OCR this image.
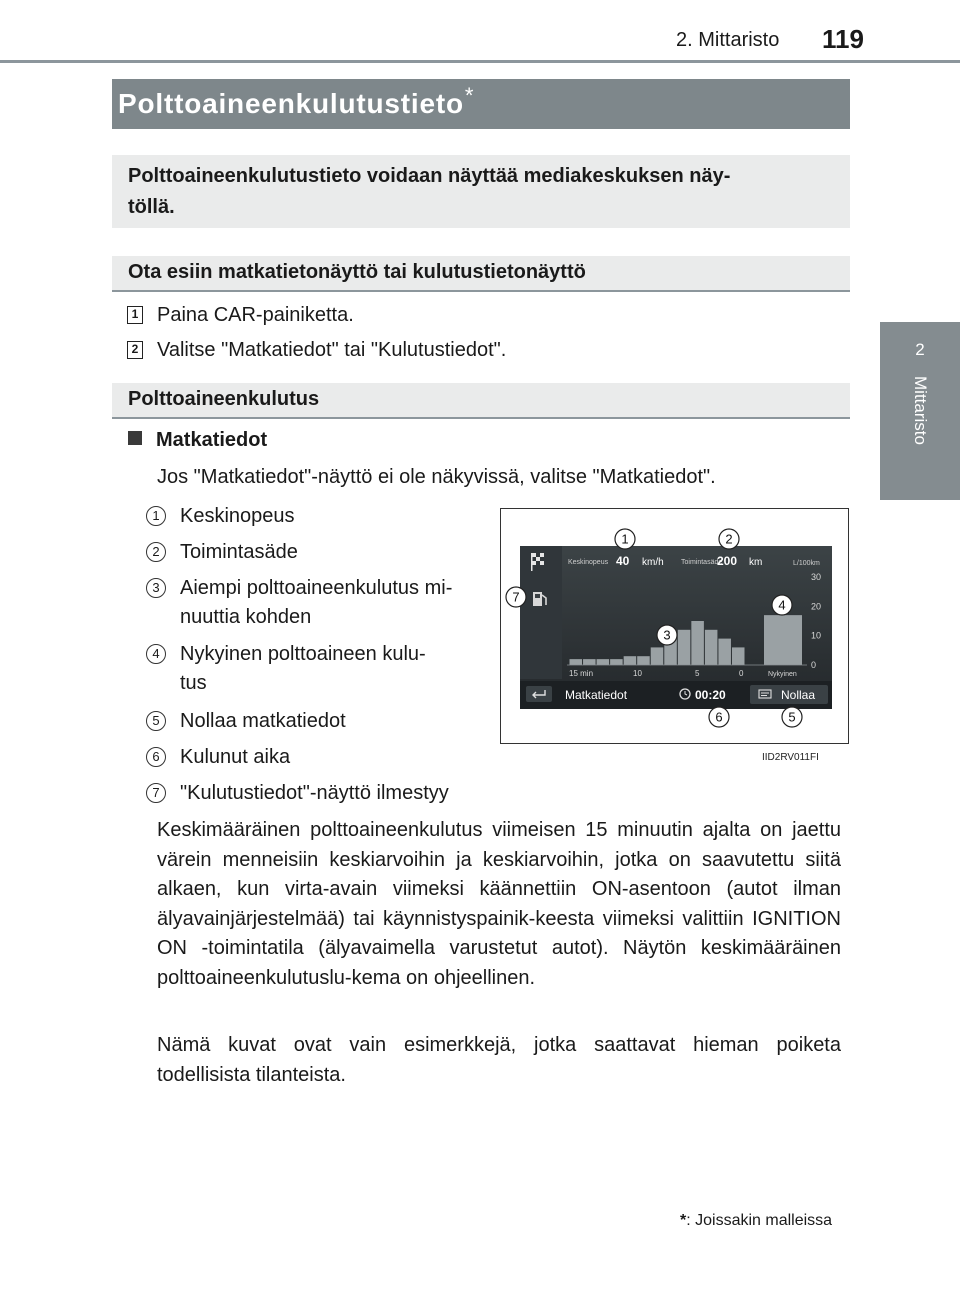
2. Mittaristo 119
2
Mittaristo
Polttoaineenkulutustieto*
Polttoaineenkulutustieto voidaan näyttää mediakeskuksen näy-
töllä.
Ota esiin matkatietonäyttö tai kulutustietonäyttö
1 Paina CAR-painiketta.
2 Valitse "Matkatiedot" tai "Kulutustiedot".
Polttoaineenkulutus
Matkatiedot
Jos "Matkatiedot"-näyttö ei ole näkyvissä, valitse "Matkatiedot".
1	Keskinopeus
2	Toimintasäde
3	Aiempi polttoaineenkulutus mi-
nuuttia kohden
4	Nykyinen polttoaineen kulu-
tus
5	Nollaa matkatiedot
6	Kulunut aika
7	"Kulutustiedot"-näyttö ilmestyy
Keskinopeus 40 km/h Toimintasäde
200 km	L/100km
30
20
10
0
15 min	10	5	0	Nykyinen
Matkatiedot	00:20	Nollaa
1	2
3
4
5
6
7
IID2RV011FI
Keskimääräinen polttoaineenkulutus viimeisen 15 minuutin ajalta on jaettu värein menneisiin keskiarvoihin ja keskiarvoihin, jotka on saavutettu siitä alkaen, kun virta-avain viimeksi käännettiin ON-asentoon (autot ilman älyavainjärjestelmää) tai käynnistyspainik-keesta viimeksi valittiin IGNITION ON -toimintatila (älyavaimella varustetut autot). Näytön keskimääräinen polttoaineenkulutuslu-kema on ohjeellinen.
Nämä kuvat ovat vain esimerkkejä, jotka saattavat hieman poiketa todellisista tilanteista.
*: Joissakin malleissa
